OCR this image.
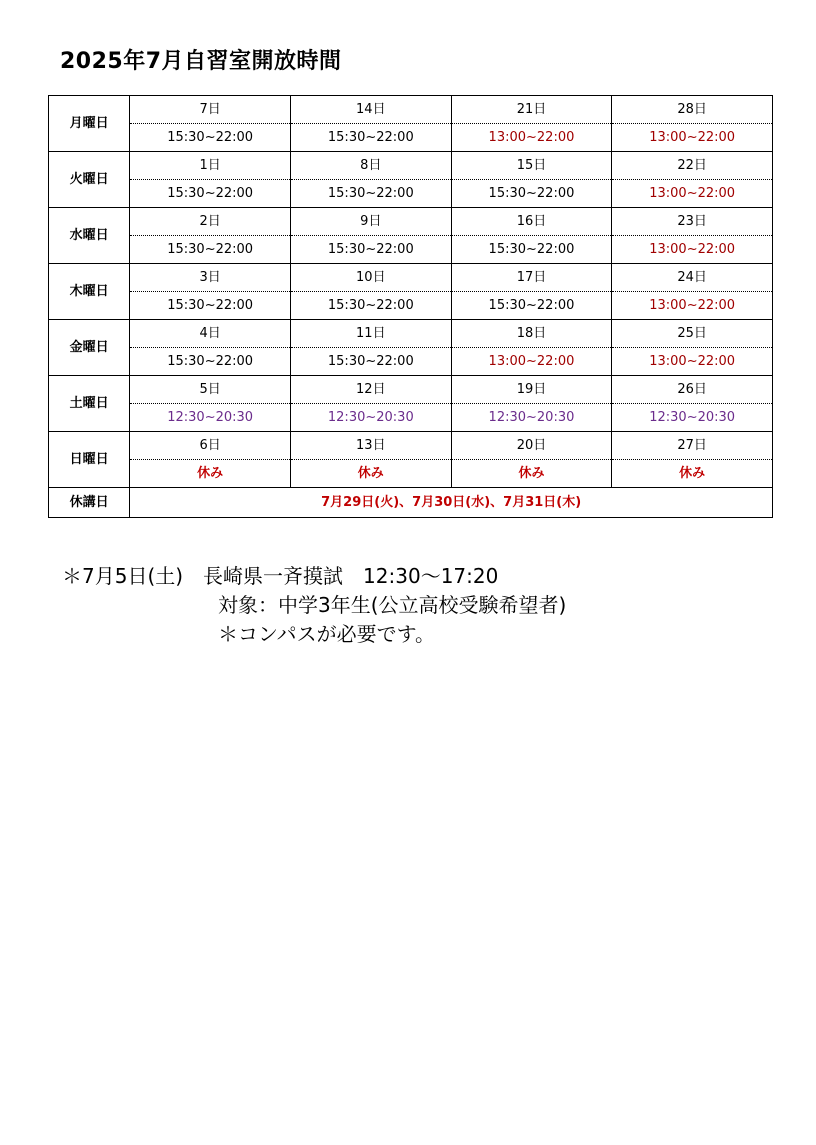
2025年7月自習室開放時間
月曜日	7日	14日	21日	28日
	15:30~22:00	15:30~22:00	13:00~22:00	13:00~22:00
火曜日	1日	8日	15日	22日
	15:30~22:00	15:30~22:00	15:30~22:00	13:00~22:00
水曜日	2日	9日	16日	23日
	15:30~22:00	15:30~22:00	15:30~22:00	13:00~22:00
木曜日	3日	10日	17日	24日
	15:30~22:00	15:30~22:00	15:30~22:00	13:00~22:00
金曜日	4日	11日	18日	25日
	15:30~22:00	15:30~22:00	13:00~22:00	13:00~22:00
土曜日	5日	12日	19日	26日
	12:30~20:30	12:30~20:30	12:30~20:30	12:30~20:30
日曜日	6日	13日	20日	27日
	休み	休み	休み	休み
休講日	7月29日(火)、7月30日(水)、7月31日(木)			
＊7月5日(土)　長崎県一斉摸試　12:30〜17:20
対象：中学3年生(公立高校受験希望者)
＊コンパスが必要です。
